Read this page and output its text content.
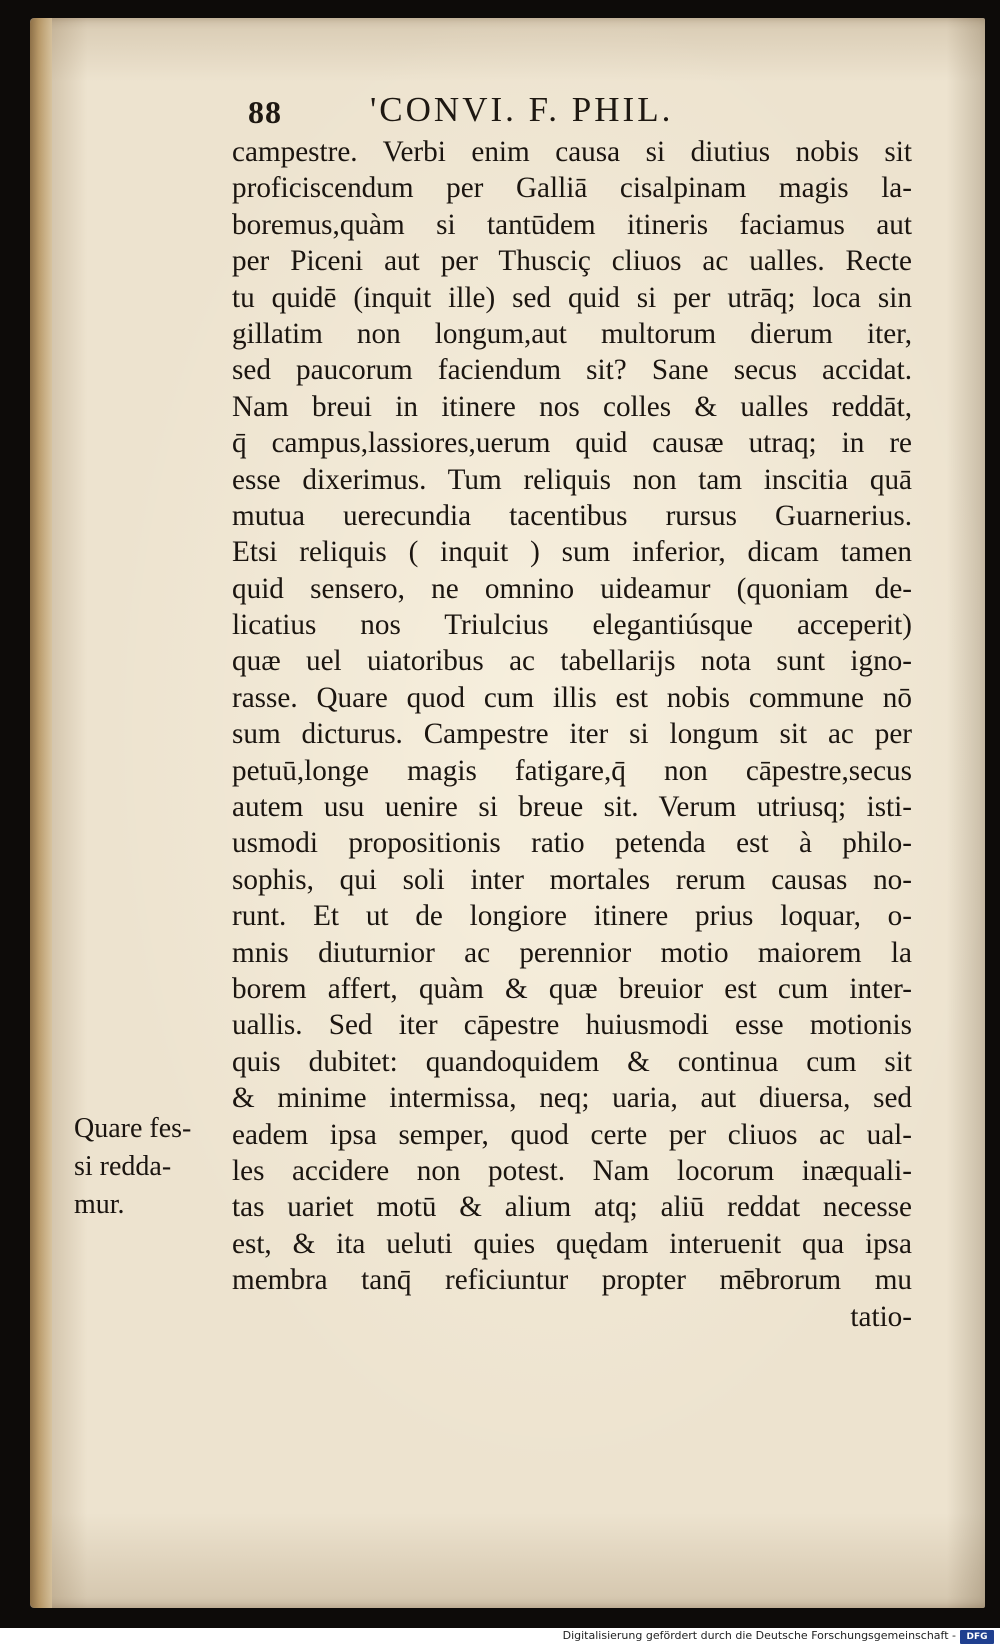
88	'CONVI. F. PHIL.
campestre. Verbi enim causa si diutius nobis sit
proficiscendum per Galliā cisalpinam magis la-
boremus,quàm si tantūdem itineris faciamus aut
per Piceni aut per Thusciç cliuos ac ualles. Recte
tu quidē (inquit ille) sed quid si per utrāq; loca sin
gillatim non longum,aut multorum dierum iter,
sed paucorum faciendum sit? Sane secus accidat.
Nam breui in itinere nos colles & ualles reddāt,
q̄ campus,lassiores,uerum quid causæ utraq; in re
esse dixerimus. Tum reliquis non tam inscitia quā
mutua uerecundia tacentibus rursus Guarnerius.
Etsi reliquis ( inquit ) sum inferior, dicam tamen
quid sensero, ne omnino uideamur (quoniam de-
licatius nos Triulcius elegantiúsque acceperit)
quæ uel uiatoribus ac tabellarijs nota sunt igno-
rasse. Quare quod cum illis est nobis commune nō
sum dicturus. Campestre iter si longum sit ac per
petuū,longe magis fatigare,q̄ non cāpestre,secus
autem usu uenire si breue sit. Verum utriusq; isti-
usmodi propositionis ratio petenda est à philo-
sophis, qui soli inter mortales rerum causas no-
runt. Et ut de longiore itinere prius loquar, o-
mnis diuturnior ac perennior motio maiorem la
borem affert, quàm & quæ breuior est cum inter-
uallis. Sed iter cāpestre huiusmodi esse motionis
quis dubitet: quandoquidem & continua cum sit
& minime intermissa, neq; uaria, aut diuersa, sed
eadem ipsa semper, quod certe per cliuos ac ual-
les accidere non potest. Nam locorum inæquali-
tas uariet motū & alium atq; aliū reddat necesse
est, & ita ueluti quies quędam interuenit qua ipsa
membra tanq̄ reficiuntur propter mēbrorum mu
tatio-
Quare fes-
si redda-
mur.
Digitalisierung gefördert durch die Deutsche Forschungsgemeinschaft -	DFG
